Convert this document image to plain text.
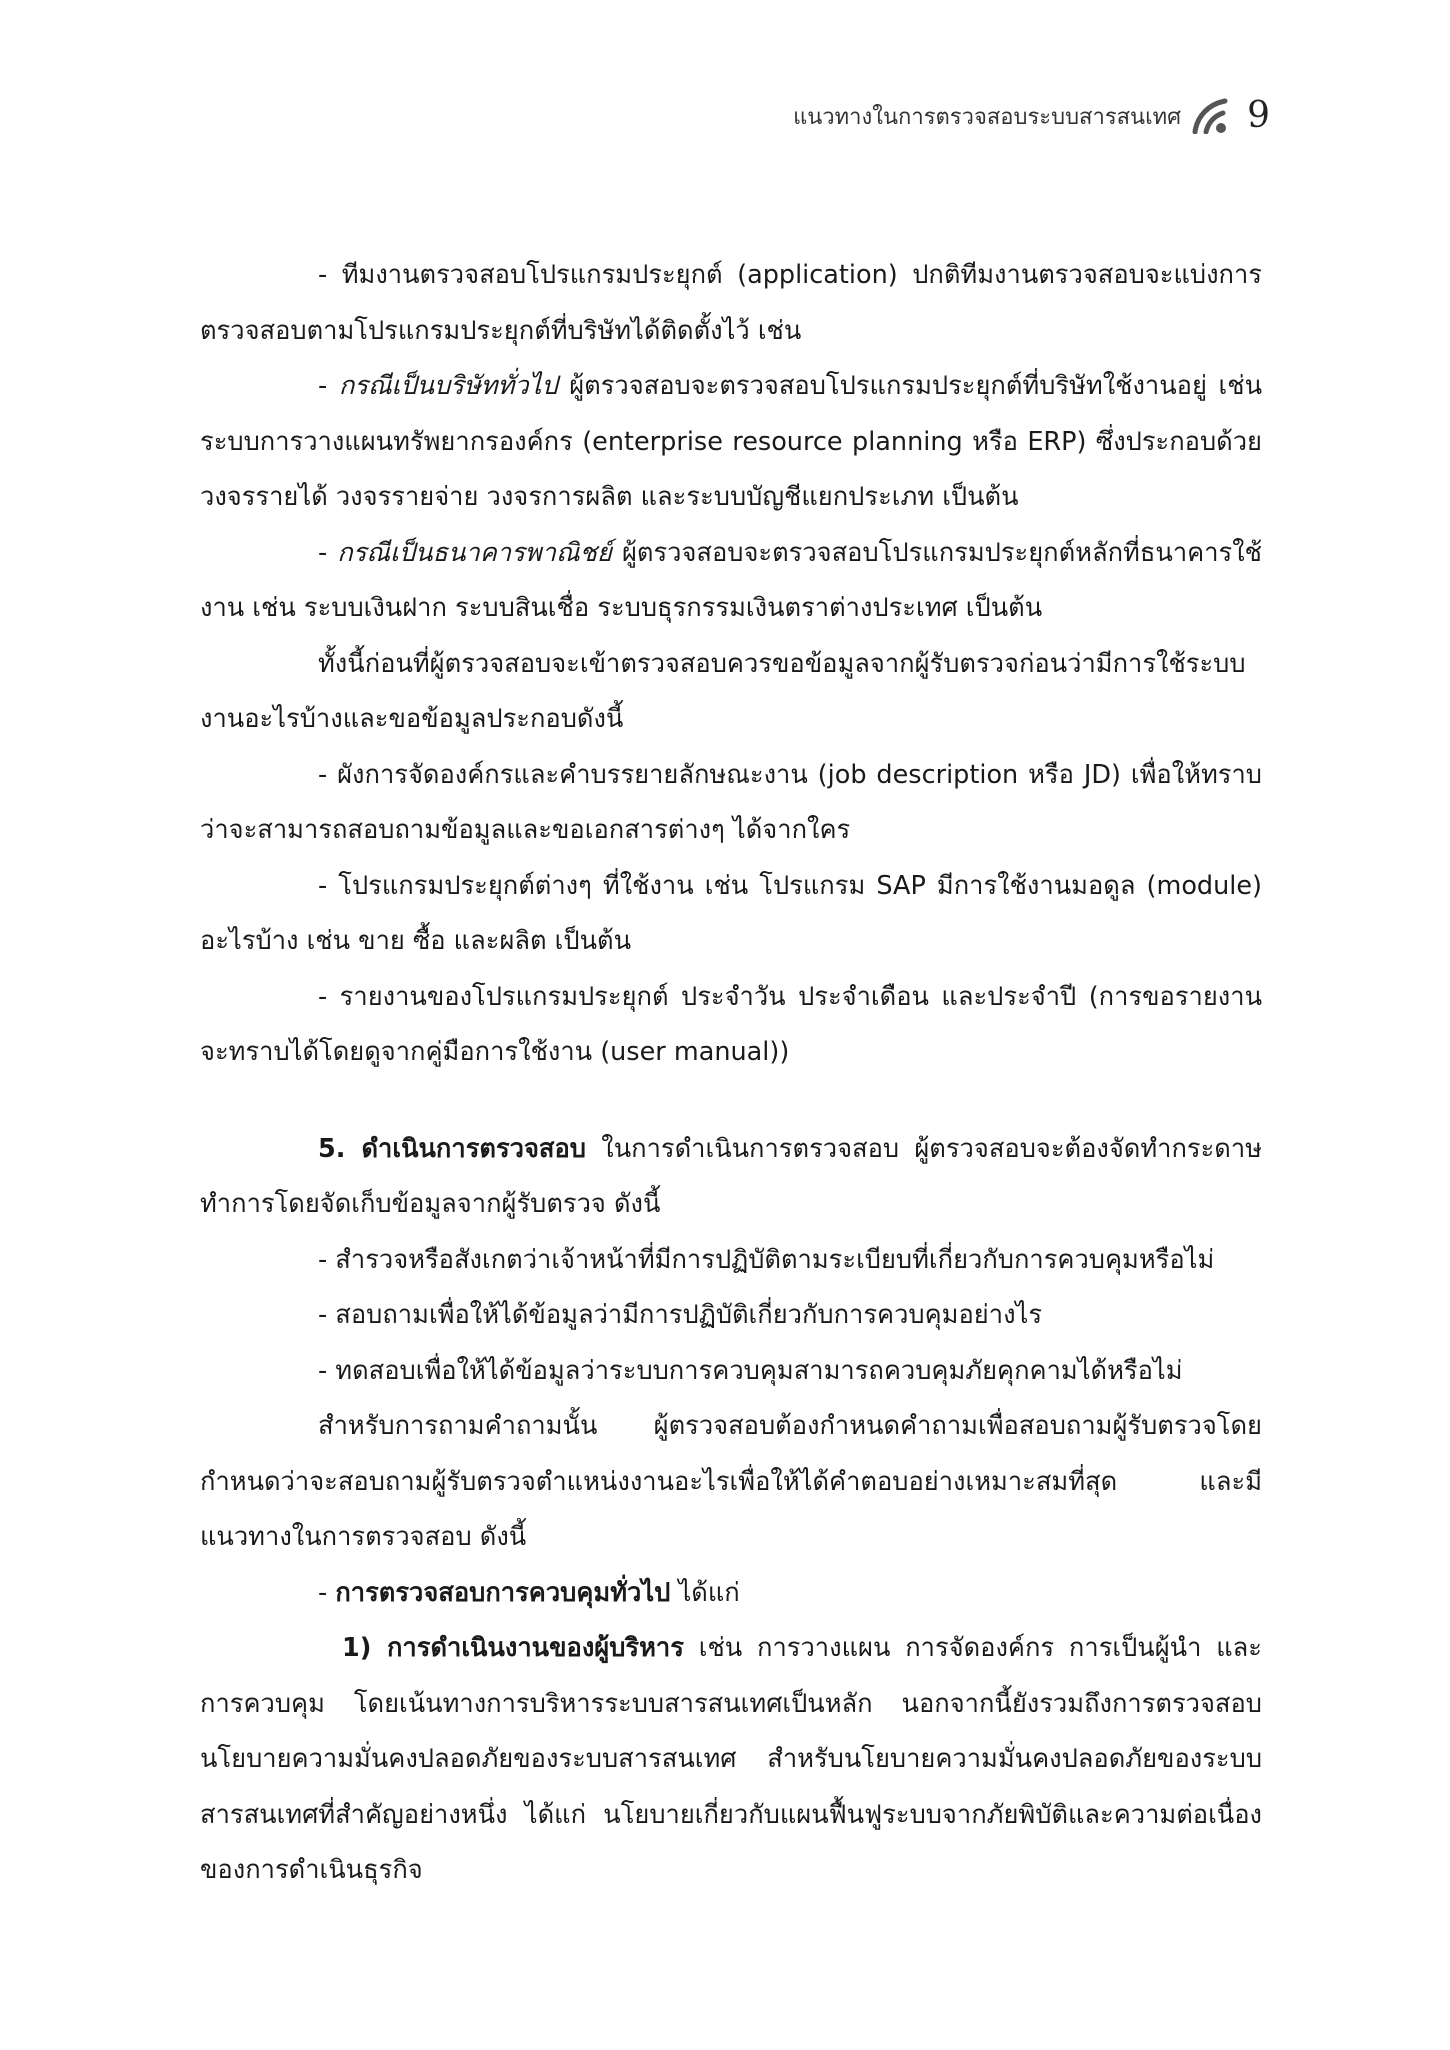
แนวทางในการตรวจสอบระบบสารสนเทศ 9

- ทีมงานตรวจสอบโปรแกรมประยุกต์ (application) ปกติทีมงานตรวจสอบจะแบ่งการตรวจสอบตามโปรแกรมประยุกต์ที่บริษัทได้ติดตั้งไว้ เช่น

- กรณีเป็นบริษัททั่วไป ผู้ตรวจสอบจะตรวจสอบโปรแกรมประยุกต์ที่บริษัทใช้งานอยู่ เช่น ระบบการวางแผนทรัพยากรองค์กร (enterprise resource planning หรือ ERP) ซึ่งประกอบด้วย วงจรรายได้ วงจรรายจ่าย วงจรการผลิต และระบบบัญชีแยกประเภท เป็นต้น

- กรณีเป็นธนาคารพาณิชย์ ผู้ตรวจสอบจะตรวจสอบโปรแกรมประยุกต์หลักที่ธนาคารใช้งาน เช่น ระบบเงินฝาก ระบบสินเชื่อ ระบบธุรกรรมเงินตราต่างประเทศ เป็นต้น

ทั้งนี้ก่อนที่ผู้ตรวจสอบจะเข้าตรวจสอบควรขอข้อมูลจากผู้รับตรวจก่อนว่ามีการใช้ระบบงานอะไรบ้างและขอข้อมูลประกอบดังนี้

- ผังการจัดองค์กรและคำบรรยายลักษณะงาน (job description หรือ JD) เพื่อให้ทราบว่าจะสามารถสอบถามข้อมูลและขอเอกสารต่างๆ ได้จากใคร

- โปรแกรมประยุกต์ต่างๆ ที่ใช้งาน เช่น โปรแกรม SAP มีการใช้งานมอดูล (module) อะไรบ้าง เช่น ขาย ซื้อ และผลิต เป็นต้น

- รายงานของโปรแกรมประยุกต์ ประจำวัน ประจำเดือน และประจำปี (การขอรายงานจะทราบได้โดยดูจากคู่มือการใช้งาน (user manual))

5. ดำเนินการตรวจสอบ ในการดำเนินการตรวจสอบ ผู้ตรวจสอบจะต้องจัดทำกระดาษทำการโดยจัดเก็บข้อมูลจากผู้รับตรวจ ดังนี้

- สำรวจหรือสังเกตว่าเจ้าหน้าที่มีการปฏิบัติตามระเบียบที่เกี่ยวกับการควบคุมหรือไม่

- สอบถามเพื่อให้ได้ข้อมูลว่ามีการปฏิบัติเกี่ยวกับการควบคุมอย่างไร

- ทดสอบเพื่อให้ได้ข้อมูลว่าระบบการควบคุมสามารถควบคุมภัยคุกคามได้หรือไม่

สำหรับการถามคำถามนั้น ผู้ตรวจสอบต้องกำหนดคำถามเพื่อสอบถามผู้รับตรวจโดยกำหนดว่าจะสอบถามผู้รับตรวจตำแหน่งงานอะไรเพื่อให้ได้คำตอบอย่างเหมาะสมที่สุด และมีแนวทางในการตรวจสอบ ดังนี้

- การตรวจสอบการควบคุมทั่วไป ได้แก่

1) การดำเนินงานของผู้บริหาร เช่น การวางแผน การจัดองค์กร การเป็นผู้นำ และการควบคุม โดยเน้นทางการบริหารระบบสารสนเทศเป็นหลัก นอกจากนี้ยังรวมถึงการตรวจสอบนโยบายความมั่นคงปลอดภัยของระบบสารสนเทศ สำหรับนโยบายความมั่นคงปลอดภัยของระบบสารสนเทศที่สำคัญอย่างหนึ่ง ได้แก่ นโยบายเกี่ยวกับแผนฟื้นฟูระบบจากภัยพิบัติและความต่อเนื่องของการดำเนินธุรกิจ
